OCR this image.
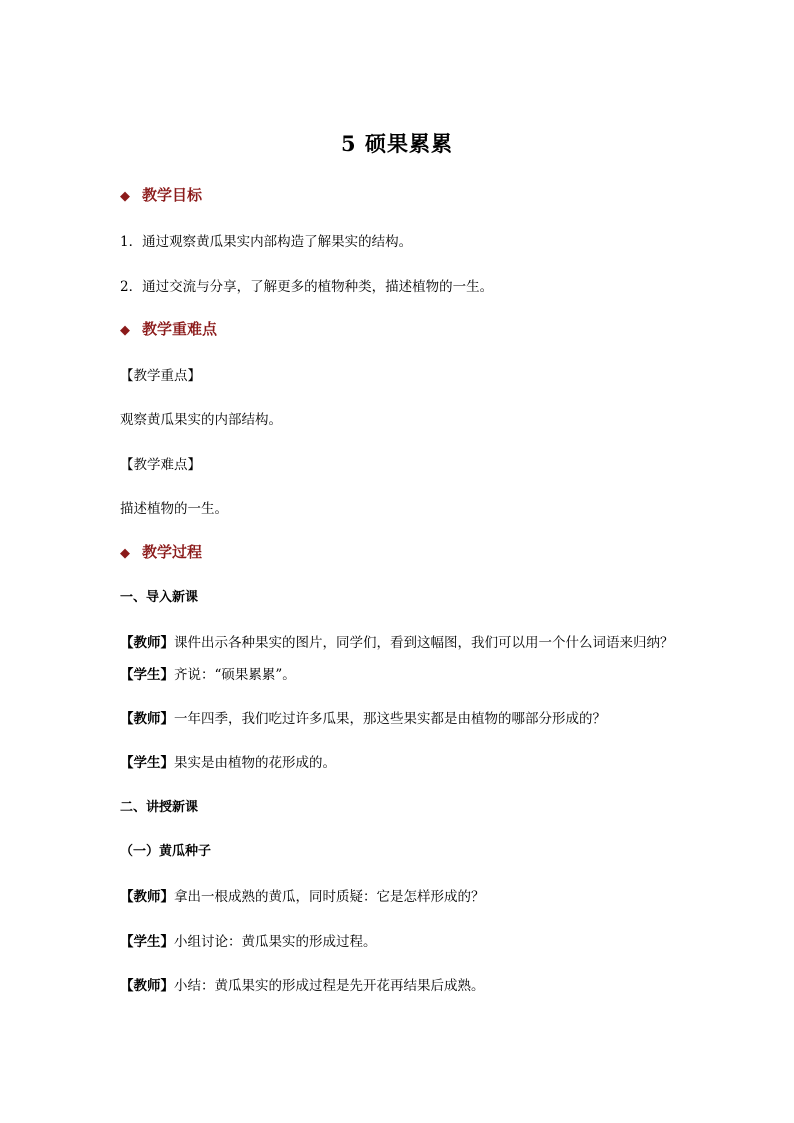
5 硕果累累
◆ 教学目标
1．通过观察黄瓜果实内部构造了解果实的结构。
2．通过交流与分享，了解更多的植物种类，描述植物的一生。
◆ 教学重难点
【教学重点】
观察黄瓜果实的内部结构。
【教学难点】
描述植物的一生。
◆ 教学过程
一、导入新课
【教师】课件出示各种果实的图片，同学们，看到这幅图，我们可以用一个什么词语来归纳？
【学生】齐说：“硕果累累”。
【教师】一年四季，我们吃过许多瓜果，那这些果实都是由植物的哪部分形成的？
【学生】果实是由植物的花形成的。
二、讲授新课
（一）黄瓜种子
【教师】拿出一根成熟的黄瓜，同时质疑：它是怎样形成的？
【学生】小组讨论：黄瓜果实的形成过程。
【教师】小结：黄瓜果实的形成过程是先开花再结果后成熟。
